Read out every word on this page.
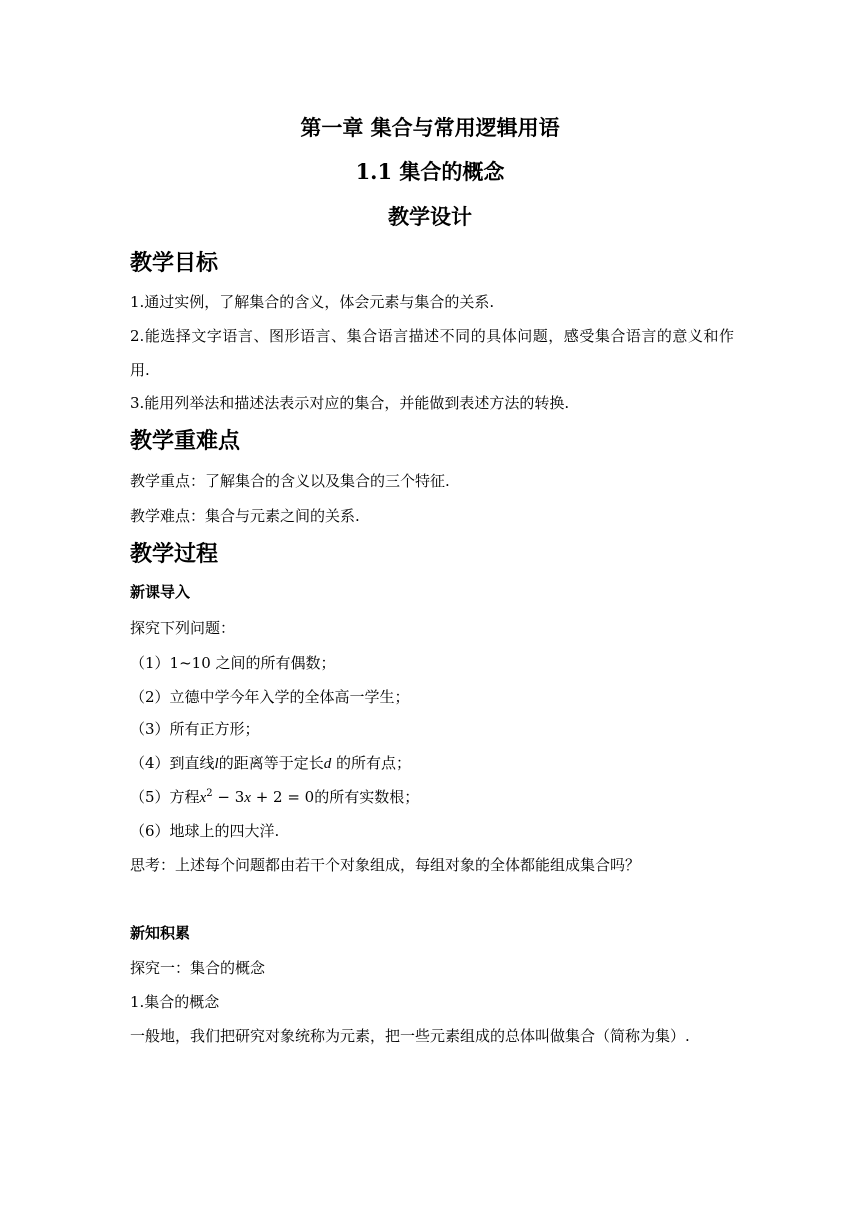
第一章 集合与常用逻辑用语
1.1 集合的概念
教学设计
教学目标
1.通过实例，了解集合的含义，体会元素与集合的关系.
2.能选择文字语言、图形语言、集合语言描述不同的具体问题，感受集合语言的意义和作用.
3.能用列举法和描述法表示对应的集合，并能做到表述方法的转换.
教学重难点
教学重点：了解集合的含义以及集合的三个特征.
教学难点：集合与元素之间的关系.
教学过程
新课导入
探究下列问题：
（1）1~10 之间的所有偶数；
（2）立德中学今年入学的全体高一学生；
（3）所有正方形；
（4）到直线l的距离等于定长d 的所有点；
（5）方程$x^2 - 3x + 2 = 0$的所有实数根；
（6）地球上的四大洋.
思考：上述每个问题都由若干个对象组成，每组对象的全体都能组成集合吗？
新知积累
探究一：集合的概念
1.集合的概念
一般地，我们把研究对象统称为元素，把一些元素组成的总体叫做集合（简称为集）.
